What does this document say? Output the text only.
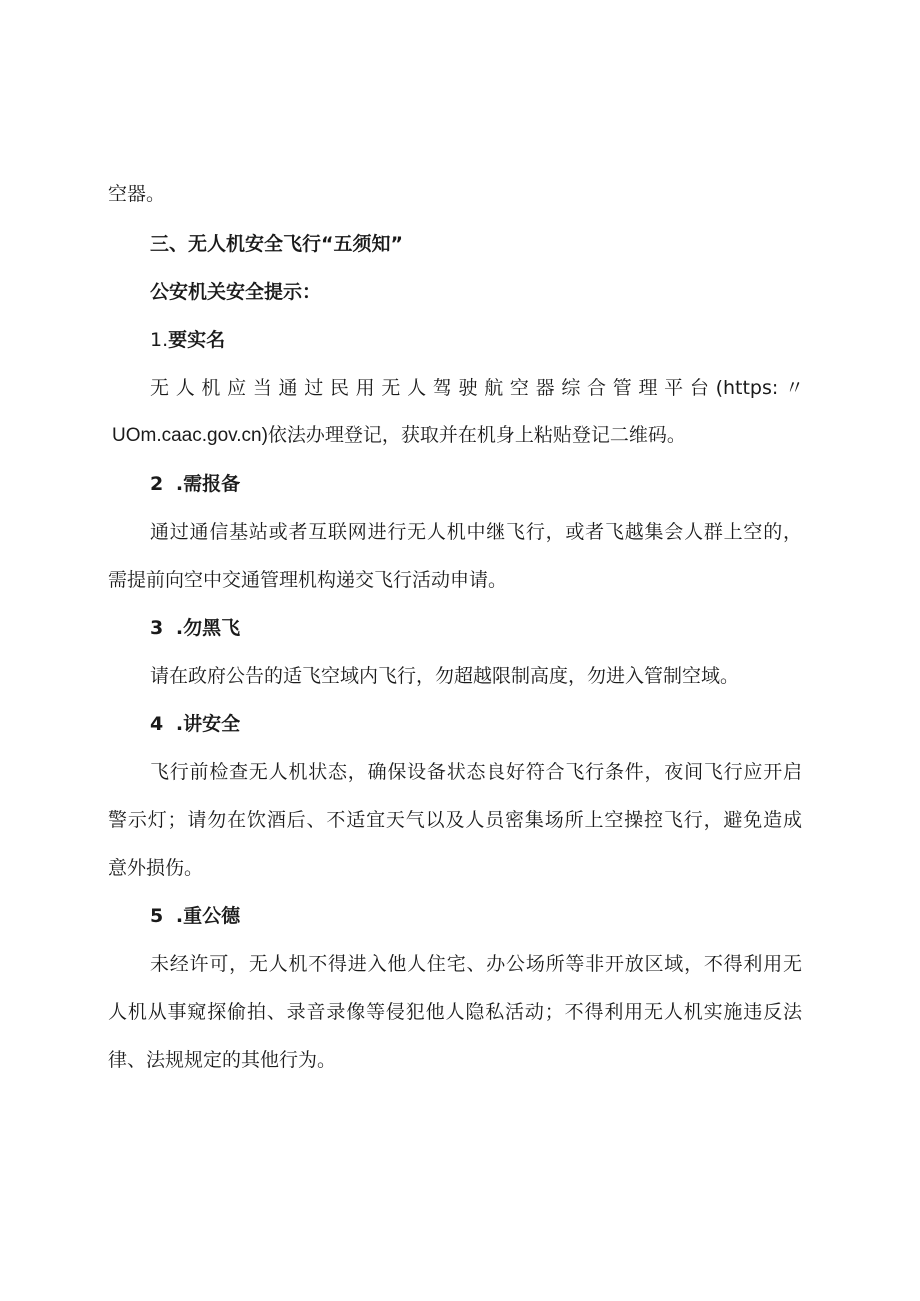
空器。
三、无人机安全飞行“五须知”
公安机关安全提示：
1.要实名
无人机应当通过民用无人驾驶航空器综合管理平台(https:〃
UOm.caac.gov.cn)依法办理登记，获取并在机身上粘贴登记二维码。
2 .需报备
通过通信基站或者互联网进行无人机中继飞行，或者飞越集会人群上空的，
需提前向空中交通管理机构递交飞行活动申请。
3 .勿黑飞
请在政府公告的适飞空域内飞行，勿超越限制高度，勿进入管制空域。
4 .讲安全
飞行前检查无人机状态，确保设备状态良好符合飞行条件，夜间飞行应开启
警示灯；请勿在饮酒后、不适宜天气以及人员密集场所上空操控飞行，避免造成
意外损伤。
5 .重公德
未经许可，无人机不得进入他人住宅、办公场所等非开放区域，不得利用无
人机从事窥探偷拍、录音录像等侵犯他人隐私活动；不得利用无人机实施违反法
律、法规规定的其他行为。
